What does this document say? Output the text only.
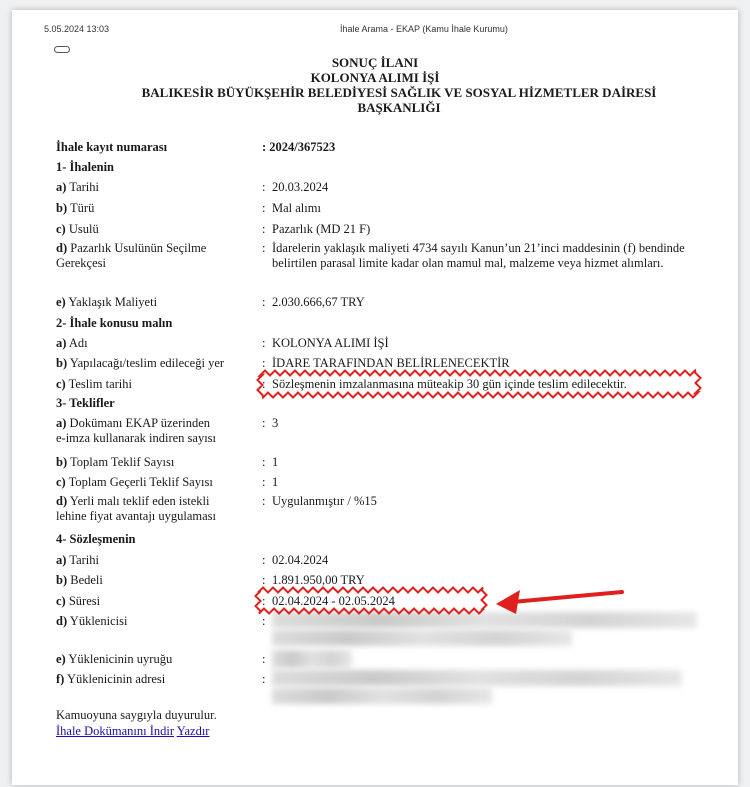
5.05.2024 13:03	İhale Arama - EKAP (Kamu İhale Kurumu)
SONUÇ İLANI
KOLONYA ALIMI İŞİ
BALIKESİR BÜYÜKŞEHİR BELEDİYESİ SAĞLIK VE SOSYAL HİZMETLER DAİRESİ
BAŞKANLIĞI
İhale kayıt numarası	: 2024/367523
1- İhalenin
a) Tarihi	: 20.03.2024
b) Türü	: Mal alımı
c) Usulü	: Pazarlık (MD 21 F)
d) Pazarlık Usulünün Seçilme
Gerekçesi
: İdarelerin yaklaşık maliyeti 4734 sayılı Kanun’un 21’inci maddesinin (f) bendinde belirtilen parasal limite kadar olan mamul mal, malzeme veya hizmet alımları.
e) Yaklaşık Maliyeti	: 2.030.666,67 TRY
2- İhale konusu malın
a) Adı	: KOLONYA ALIMI İŞİ
b) Yapılacağı/teslim edileceği yer	: İDARE TARAFINDAN BELİRLENECEKTİR
c) Teslim tarihi	: Sözleşmenin imzalanmasına müteakip 30 gün içinde teslim edilecektir.
3- Teklifler
a) Dokümanı EKAP üzerinden
e-imza kullanarak indiren sayısı
: 3
b) Toplam Teklif Sayısı	: 1
c) Toplam Geçerli Teklif Sayısı	: 1
d) Yerli malı teklif eden istekli
lehine fiyat avantajı uygulaması
: Uygulanmıştır / %15
4- Sözleşmenin
a) Tarihi	: 02.04.2024
b) Bedeli	: 1.891.950,00 TRY
c) Süresi	: 02.04.2024 - 02.05.2024
d) Yüklenicisi	:
e) Yüklenicinin uyruğu	:
f) Yüklenicinin adresi	:
Kamuoyuna saygıyla duyurulur.
İhale Dokümanını İndir Yazdır
